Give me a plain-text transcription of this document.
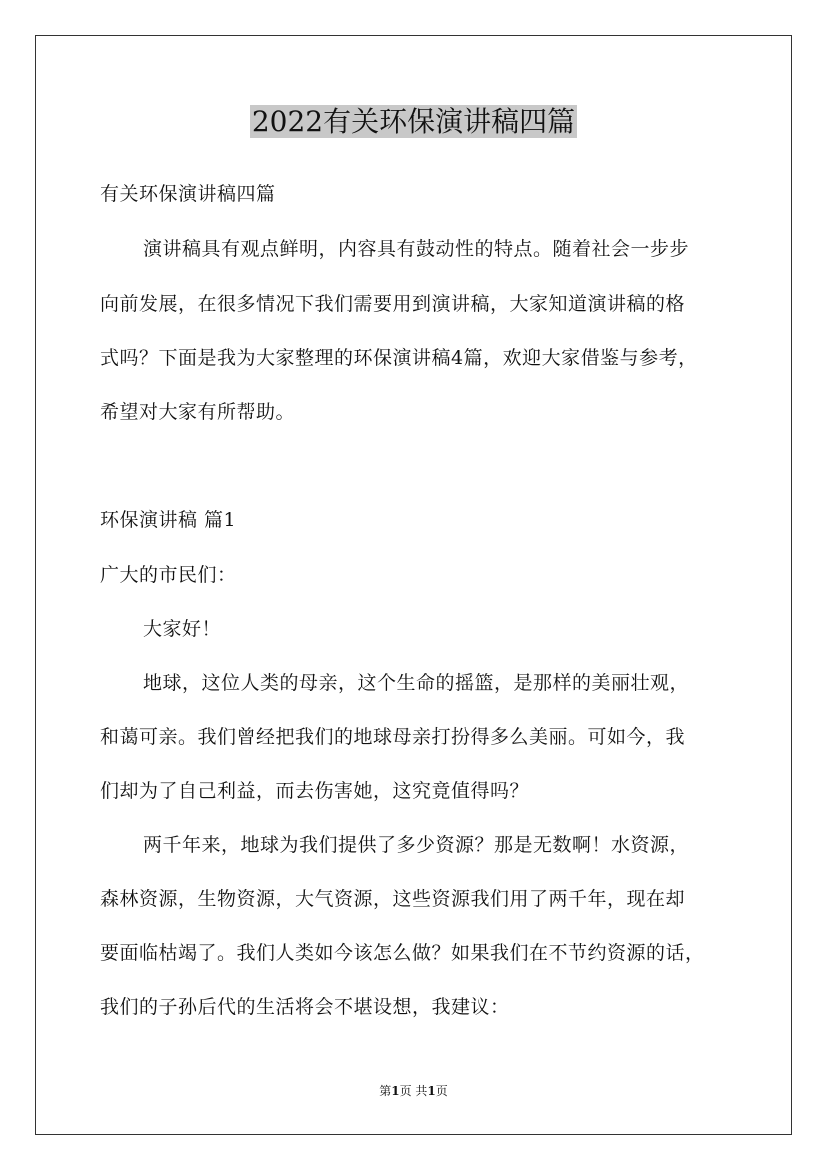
2022有关环保演讲稿四篇
有关环保演讲稿四篇
演讲稿具有观点鲜明，内容具有鼓动性的特点。随着社会一步步
向前发展，在很多情况下我们需要用到演讲稿，大家知道演讲稿的格
式吗？下面是我为大家整理的环保演讲稿4篇，欢迎大家借鉴与参考，
希望对大家有所帮助。
环保演讲稿 篇1
广大的市民们：
大家好！
地球，这位人类的母亲，这个生命的摇篮，是那样的美丽壮观，
和蔼可亲。我们曾经把我们的地球母亲打扮得多么美丽。可如今，我
们却为了自己利益，而去伤害她，这究竟值得吗？
两千年来，地球为我们提供了多少资源？那是无数啊！水资源，
森林资源，生物资源，大气资源，这些资源我们用了两千年，现在却
要面临枯竭了。我们人类如今该怎么做？如果我们在不节约资源的话，
我们的子孙后代的生活将会不堪设想，我建议：
第1页 共1页
